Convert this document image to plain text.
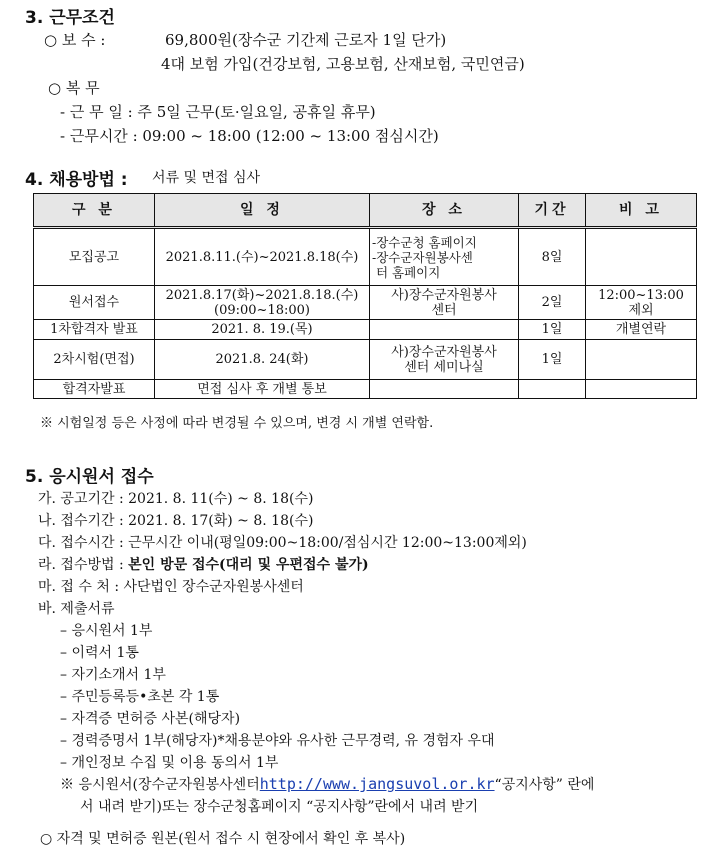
3. 근무조건
○ 보 수 :	69,800원(장수군 기간제 근로자 1일 단가)
4대 보험 가입(건강보험, 고용보험, 산재보험, 국민연금)
○ 복 무
- 근 무 일 : 주 5일 근무(토·일요일, 공휴일 휴무)
- 근무시간 : 09:00 ~ 18:00 (12:00 ~ 13:00 점심시간)
4. 채용방법 : 서류 및 면접 심사
구 분	일 정	장 소	기간	비 고
모집공고	2021.8.11.(수)~2021.8.18(수)	-장수군청 홈페이지
-장수군자원봉사센
터 홈페이지	8일	
원서접수	2021.8.17(화)~2021.8.18.(수)
(09:00~18:00)	사)장수군자원봉사
센터	2일	12:00~13:00
제외
1차합격자 발표	2021. 8. 19.(목)		1일	개별연락
2차시험(면접)	2021.8. 24(화)	사)장수군자원봉사
센터 세미나실	1일	
합격자발표	면접 심사 후 개별 통보			
※ 시험일정 등은 사정에 따라 변경될 수 있으며, 변경 시 개별 연락함.
5. 응시원서 접수
가. 공고기간 : 2021. 8. 11(수) ~ 8. 18(수)
나. 접수기간 : 2021. 8. 17(화) ~ 8. 18(수)
다. 접수시간 : 근무시간 이내(평일09:00~18:00/점심시간 12:00~13:00제외)
라. 접수방법 : 본인 방문 접수(대리 및 우편접수 불가)
마. 접 수 처 : 사단법인 장수군자원봉사센터
바. 제출서류
– 응시원서 1부
– 이력서 1통
– 자기소개서 1부
– 주민등록등•초본 각 1통
– 자격증 면허증 사본(해당자)
– 경력증명서 1부(해당자)*채용분야와 유사한 근무경력, 유 경험자 우대
– 개인정보 수집 및 이용 동의서 1부
※ 응시원서(장수군자원봉사센터http://www.jangsuvol.or.kr“공지사항” 란에
서 내려 받기)또는 장수군청홈페이지 “공지사항”란에서 내려 받기
○ 자격 및 면허증 원본(원서 접수 시 현장에서 확인 후 복사)
